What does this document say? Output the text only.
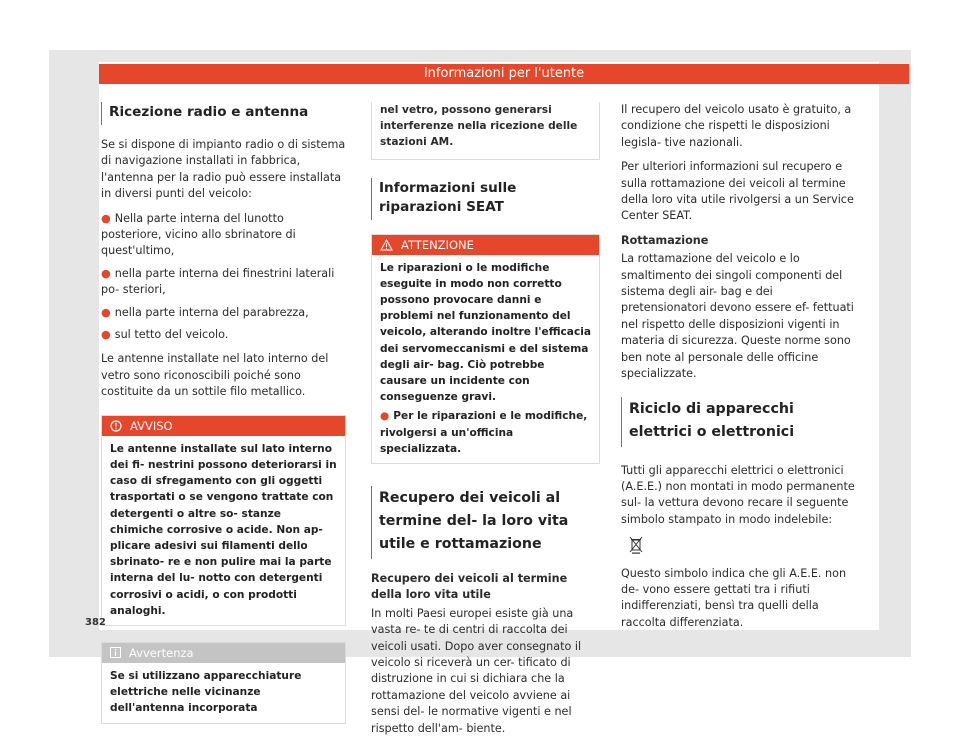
Informazioni per l'utente
Ricezione radio e antenna

Se si dispone di impianto radio o di sistema di navigazione installati in fabbrica, l'antenna per la radio può essere installata in diversi punti del veicolo:

● Nella parte interna del lunotto posteriore, vicino allo sbrinatore di quest'ultimo,
● nella parte interna dei finestrini laterali po- steriori,
● nella parte interna del parabrezza,
● sul tetto del veicolo.

Le antenne installate nel lato interno del vetro sono riconoscibili poiché sono costituite da un sottile filo metallico.

AVVISO
Le antenne installate sul lato interno dei fi- nestrini possono deteriorarsi in caso di sfregamento con gli oggetti trasportati o se vengono trattate con detergenti o altre so- stanze chimiche corrosive o acide. Non ap- plicare adesivi sui filamenti dello sbrinato- re e non pulire mai la parte interna del lu- notto con detergenti corrosivi o acidi, o con prodotti analoghi.
Avvertenza
Se si utilizzano apparecchiature elettriche nelle vicinanze dell'antenna incorporata
nel vetro, possono generarsi interferenze nella ricezione delle stazioni AM.
Informazioni sulle riparazioni SEAT
ATTENZIONE

Le riparazioni o le modifiche eseguite in modo non corretto possono provocare danni e problemi nel funzionamento del veicolo, alterando inoltre l'efficacia dei servomeccanismi e del sistema degli air- bag. Ciò potrebbe causare un incidente con conseguenze gravi.

● Per le riparazioni e le modifiche, rivolgersi a un'officina specializzata.
Recupero dei veicoli al termine del- la loro vita utile e rottamazione

Recupero dei veicoli al termine della loro vita utile

In molti Paesi europei esiste già una vasta re- te di centri di raccolta dei veicoli usati. Dopo aver consegnato il veicolo si riceverà un cer- tificato di distruzione in cui si dichiara che la rottamazione del veicolo avviene ai sensi del- le normative vigenti e nel rispetto dell'am- biente.

Il recupero del veicolo usato è gratuito, a condizione che rispetti le disposizioni legisla- tive nazionali.

Per ulteriori informazioni sul recupero e sulla rottamazione dei veicoli al termine della loro vita utile rivolgersi a un Service Center SEAT.

Rottamazione

La rottamazione del veicolo e lo smaltimento dei singoli componenti del sistema degli air- bag e dei pretensionatori devono essere ef- fettuati nel rispetto delle disposizioni vigenti in materia di sicurezza. Queste norme sono ben note al personale delle officine specializzate.

Riciclo di apparecchi elettrici o elettronici

Tutti gli apparecchi elettrici o elettronici (A.E.E.) non montati in modo permanente sul- la vettura devono recare il seguente simbolo stampato in modo indelebile:

Questo simbolo indica che gli A.E.E. non de- vono essere gettati tra i rifiuti indifferenziati, bensì tra quelli della raccolta differenziata.

382
